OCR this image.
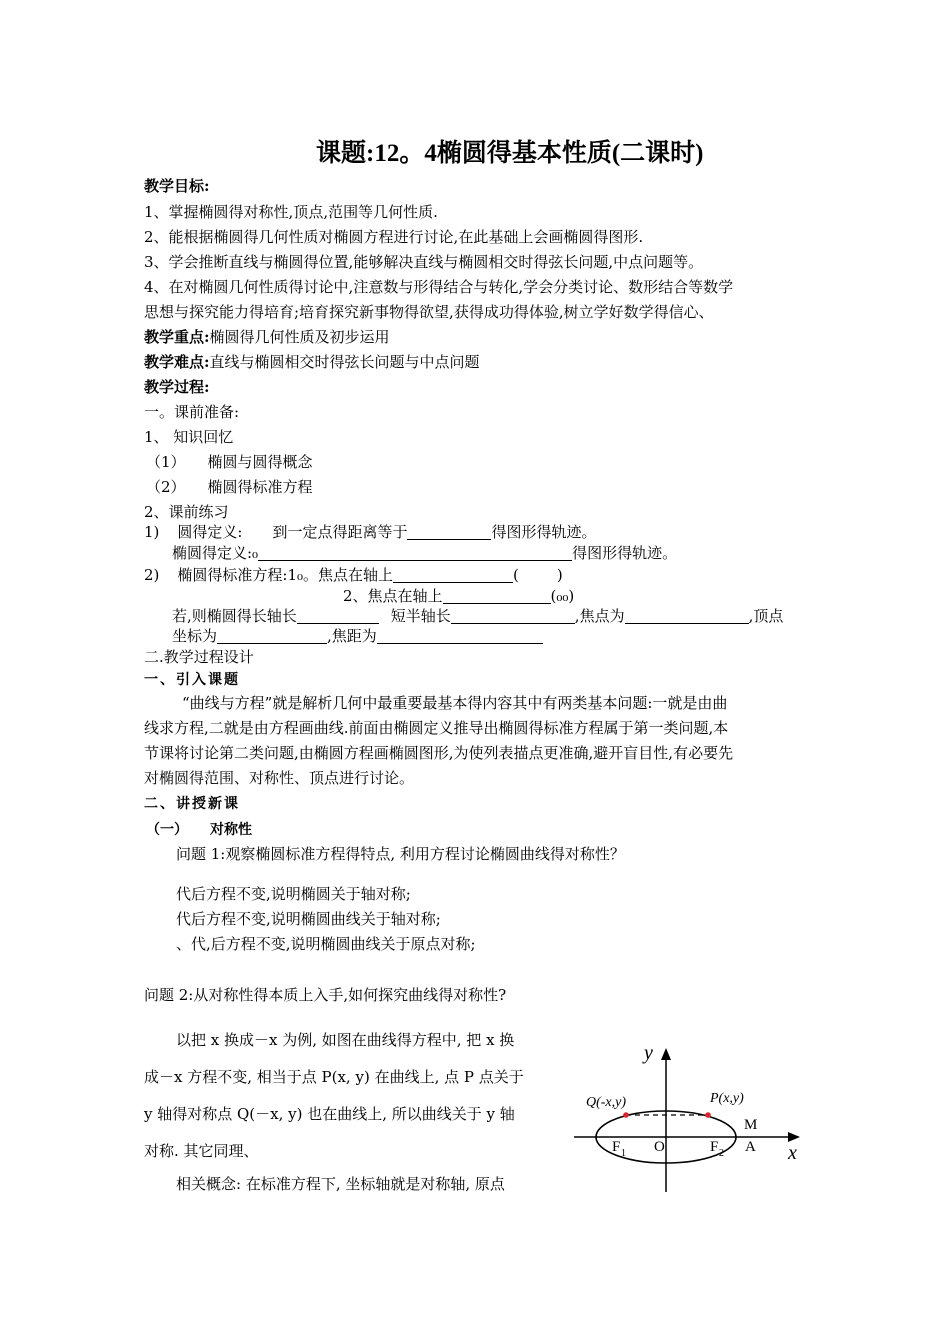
课题:12。4椭圆得基本性质(二课时)
教学目标:
1、掌握椭圆得对称性,顶点,范围等几何性质.
2、能根据椭圆得几何性质对椭圆方程进行讨论,在此基础上会画椭圆得图形.
3、学会推断直线与椭圆得位置,能够解决直线与椭圆相交时得弦长问题,中点问题等。
4、在对椭圆几何性质得讨论中,注意数与形得结合与转化,学会分类讨论、数形结合等数学
思想与探究能力得培育;培育探究新事物得欲望,获得成功得体验,树立学好数学得信心、
教学重点:椭圆得几何性质及初步运用
教学难点:直线与椭圆相交时得弦长问题与中点问题
教学过程:
一。课前准备:
1、 知识回忆
（1） 椭圆与圆得概念
（2） 椭圆得标准方程
2、课前练习
1) 圆得定义: 到一定点得距离等于	得图形得轨迹。
椭圆得定义:₀	得图形得轨迹。
2) 椭圆得标准方程:1₀。焦点在轴上	(	)
2、焦点在轴上	(₀₀)
若,则椭圆得长轴长	短半轴长	,焦点为	,顶点
坐标为	,焦距为
二.教学过程设计
一、引入课题
“曲线与方程”就是解析几何中最重要最基本得内容其中有两类基本问题:一就是由曲
线求方程,二就是由方程画曲线.前面由椭圆定义推导出椭圆得标准方程属于第一类问题,本
节课将讨论第二类问题,由椭圆方程画椭圆图形,为使列表描点更准确,避开盲目性,有必要先
对椭圆得范围、对称性、顶点进行讨论。
二、讲授新课
（一） 对称性
问题 1:观察椭圆标准方程得特点, 利用方程讨论椭圆曲线得对称性？
代后方程不变,说明椭圆关于轴对称;
代后方程不变,说明椭圆曲线关于轴对称;
、代,后方程不变,说明椭圆曲线关于原点对称;
问题 2:从对称性得本质上入手,如何探究曲线得对称性?
以把 x 换成－x 为例, 如图在曲线得方程中, 把 x 换
成－x 方程不变, 相当于点 P(x, y) 在曲线上, 点 P 点关于
y 轴得对称点 Q(－x, y) 也在曲线上, 所以曲线关于 y 轴
对称. 其它同理、
相关概念: 在标准方程下, 坐标轴就是对称轴, 原点
y
x
Q(-x,y)	P(x,y)
M
F 1 O	F 2 A
